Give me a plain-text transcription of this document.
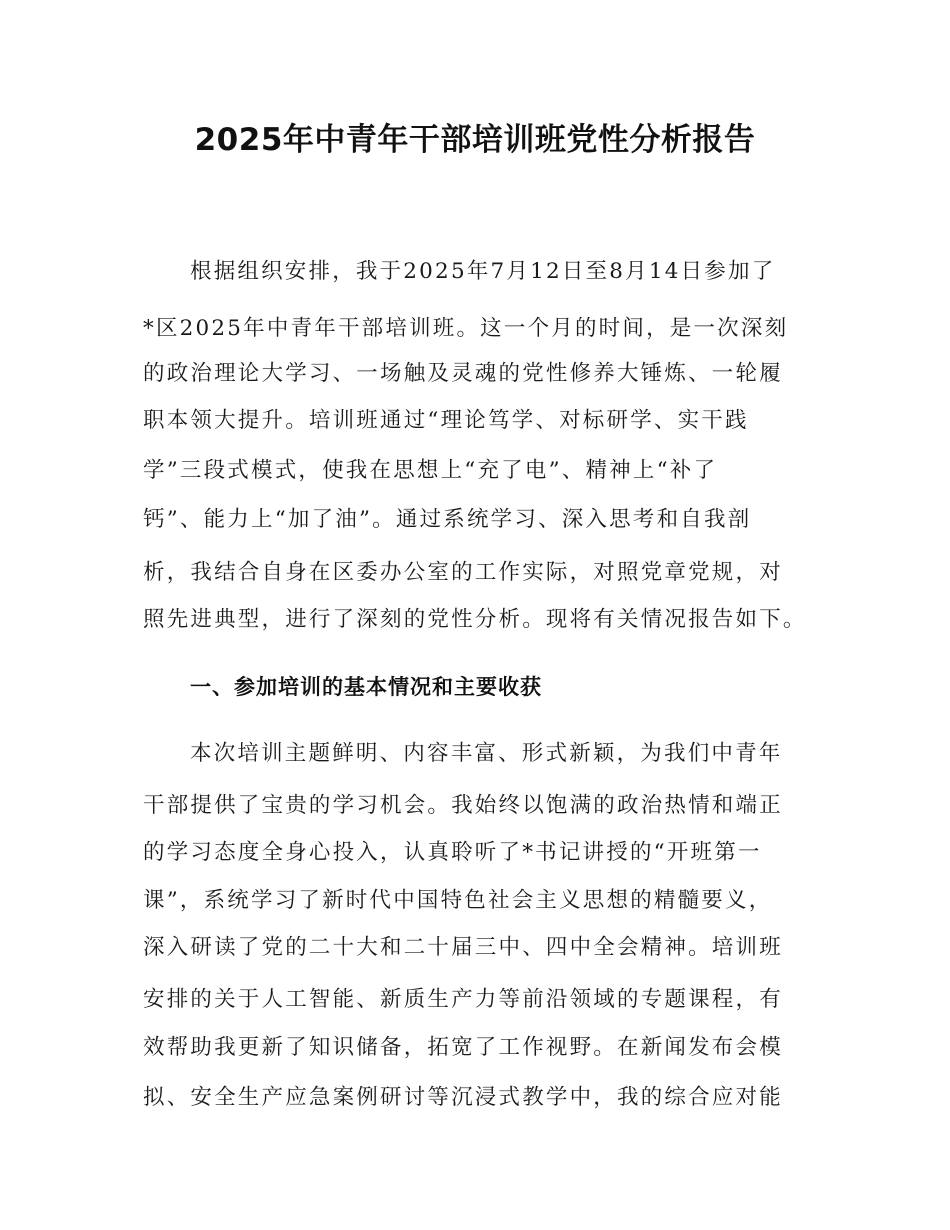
2025年中青年干部培训班党性分析报告
根据组织安排，我于2025年7月12日至8月14日参加了
*区2025年中青年干部培训班。这一个月的时间，是一次深刻
的政治理论大学习、一场触及灵魂的党性修养大锤炼、一轮履
职本领大提升。培训班通过“理论笃学、对标研学、实干践
学”三段式模式，使我在思想上“充了电”、精神上“补了
钙”、能力上“加了油”。通过系统学习、深入思考和自我剖
析，我结合自身在区委办公室的工作实际，对照党章党规，对
照先进典型，进行了深刻的党性分析。现将有关情况报告如下。
一、参加培训的基本情况和主要收获
本次培训主题鲜明、内容丰富、形式新颖，为我们中青年
干部提供了宝贵的学习机会。我始终以饱满的政治热情和端正
的学习态度全身心投入，认真聆听了*书记讲授的“开班第一
课”，系统学习了新时代中国特色社会主义思想的精髓要义，
深入研读了党的二十大和二十届三中、四中全会精神。培训班
安排的关于人工智能、新质生产力等前沿领域的专题课程，有
效帮助我更新了知识储备，拓宽了工作视野。在新闻发布会模
拟、安全生产应急案例研讨等沉浸式教学中，我的综合应对能
